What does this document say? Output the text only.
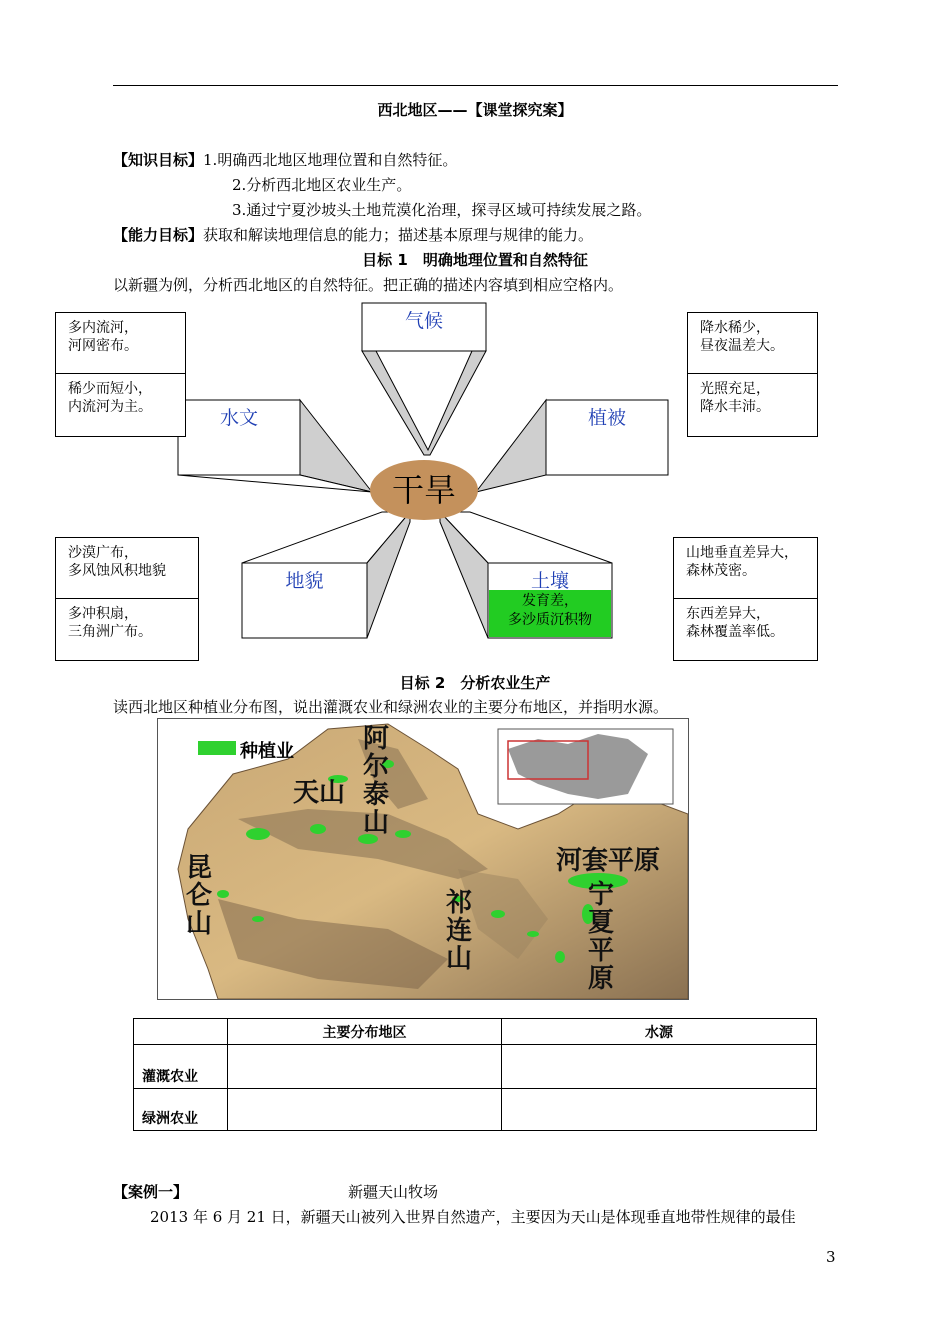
西北地区——【课堂探究案】
【知识目标】1.明确西北地区地理位置和自然特征。
2.分析西北地区农业生产。
3.通过宁夏沙坡头土地荒漠化治理，探寻区域可持续发展之路。
【能力目标】获取和解读地理信息的能力；描述基本原理与规律的能力。
目标 1　明确地理位置和自然特征
以新疆为例，分析西北地区的自然特征。把正确的描述内容填到相应空格内。
气候
水文	植被
地貌	土壤
干旱
发育差，
多沙质沉积物
多内流河，
河网密布。
稀少而短小，
内流河为主。
降水稀少，
昼夜温差大。
光照充足，
降水丰沛。
沙漠广布，
多风蚀风积地貌
多冲积扇，
三角洲广布。
山地垂直差异大，
森林茂密。
东西差异大，
森林覆盖率低。
目标 2　分析农业生产
读西北地区种植业分布图，说出灌溉农业和绿洲农业的主要分布地区，并指明水源。
种植业	阿尔泰山
天山
昆仑山
祁连山
河套平原
宁夏平原
	主要分布地区	水源
灌溉农业		
绿洲农业		
【案例一】	新疆天山牧场
2013 年 6 月 21 日，新疆天山被列入世界自然遗产，主要因为天山是体现垂直地带性规律的最佳
3
